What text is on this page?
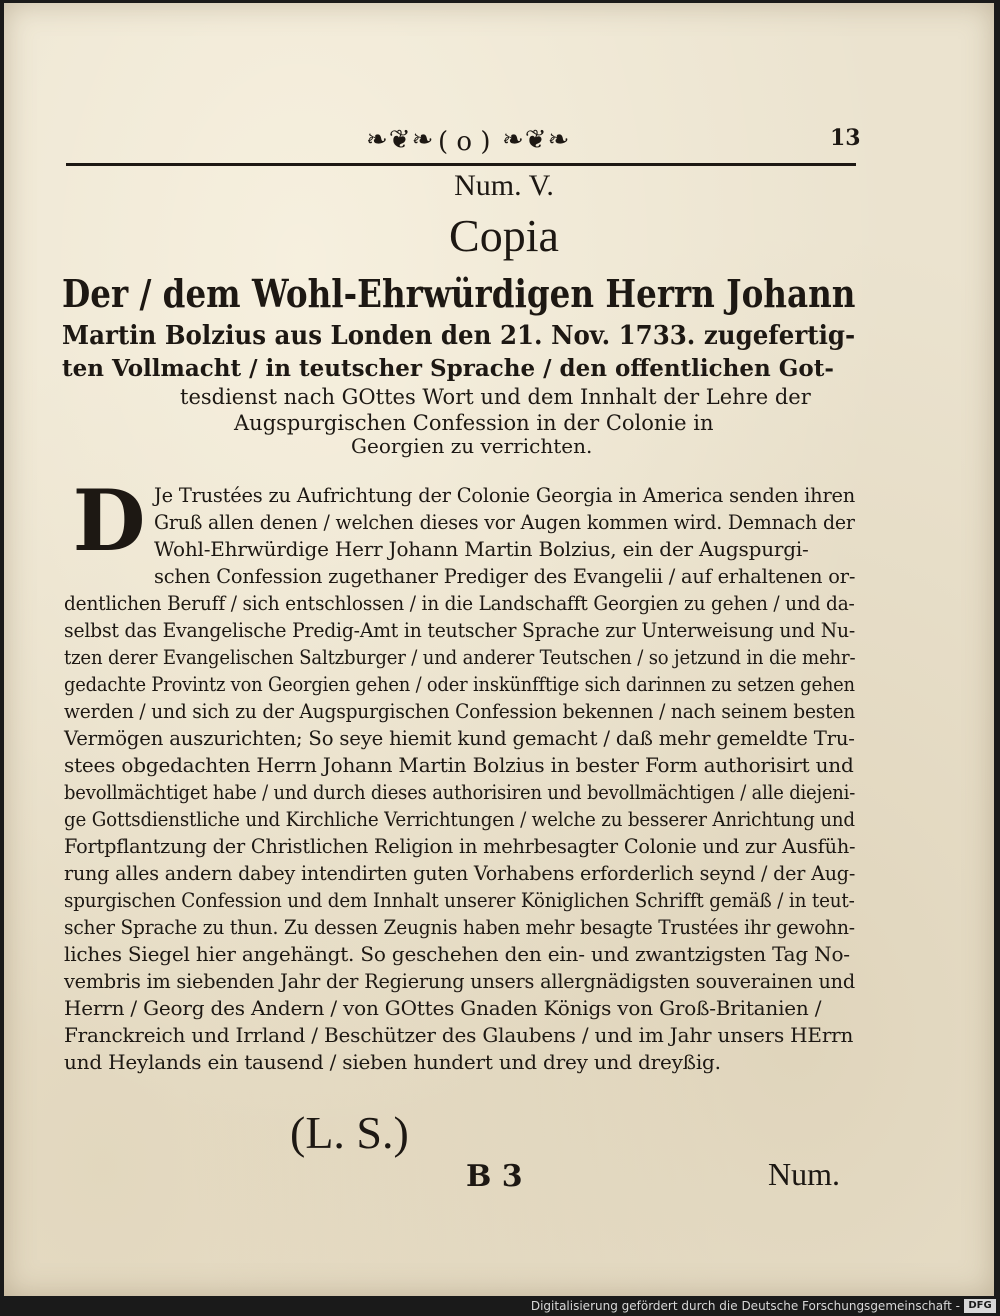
❧❦❧ ( o ) ❧❦❧	13
Num. V.
Copia
Der / dem Wohl-Ehrwürdigen Herrn Johann
Martin Bolzius aus Londen den 21. Nov. 1733. zugefertig-
ten Vollmacht / in teutscher Sprache / den offentlichen Got-
tesdienst nach GOttes Wort und dem Innhalt der Lehre der
Augspurgischen Confession in der Colonie in
Georgien zu verrichten.
D Je Trustées zu Aufrichtung der Colonie Georgia in America senden ihren
Gruß allen denen / welchen dieses vor Augen kommen wird. Demnach der
Wohl-Ehrwürdige Herr Johann Martin Bolzius, ein der Augspurgi-
schen Confession zugethaner Prediger des Evangelii / auf erhaltenen or-
dentlichen Beruff / sich entschlossen / in die Landschafft Georgien zu gehen / und da-
selbst das Evangelische Predig-Amt in teutscher Sprache zur Unterweisung und Nu-
tzen derer Evangelischen Saltzburger / und anderer Teutschen / so jetzund in die mehr-
gedachte Provintz von Georgien gehen / oder inskünfftige sich darinnen zu setzen gehen
werden / und sich zu der Augspurgischen Confession bekennen / nach seinem besten
Vermögen auszurichten; So seye hiemit kund gemacht / daß mehr gemeldte Tru-
stees obgedachten Herrn Johann Martin Bolzius in bester Form authorisirt und
bevollmächtiget habe / und durch dieses authorisiren und bevollmächtigen / alle diejeni-
ge Gottsdienstliche und Kirchliche Verrichtungen / welche zu besserer Anrichtung und
Fortpflantzung der Christlichen Religion in mehrbesagter Colonie und zur Ausfüh-
rung alles andern dabey intendirten guten Vorhabens erforderlich seynd / der Aug-
spurgischen Confession und dem Innhalt unserer Königlichen Schrifft gemäß / in teut-
scher Sprache zu thun. Zu dessen Zeugnis haben mehr besagte Trustées ihr gewohn-
liches Siegel hier angehängt. So geschehen den ein- und zwantzigsten Tag No-
vembris im siebenden Jahr der Regierung unsers allergnädigsten souverainen und
Herrn / Georg des Andern / von GOttes Gnaden Königs von Groß-Britanien /
Franckreich und Irrland / Beschützer des Glaubens / und im Jahr unsers HErrn
und Heylands ein tausend / sieben hundert und drey und dreyßig.
(L. S.)
B 3	Num.
Digitalisierung gefördert durch die Deutsche Forschungsgemeinschaft - DFG
